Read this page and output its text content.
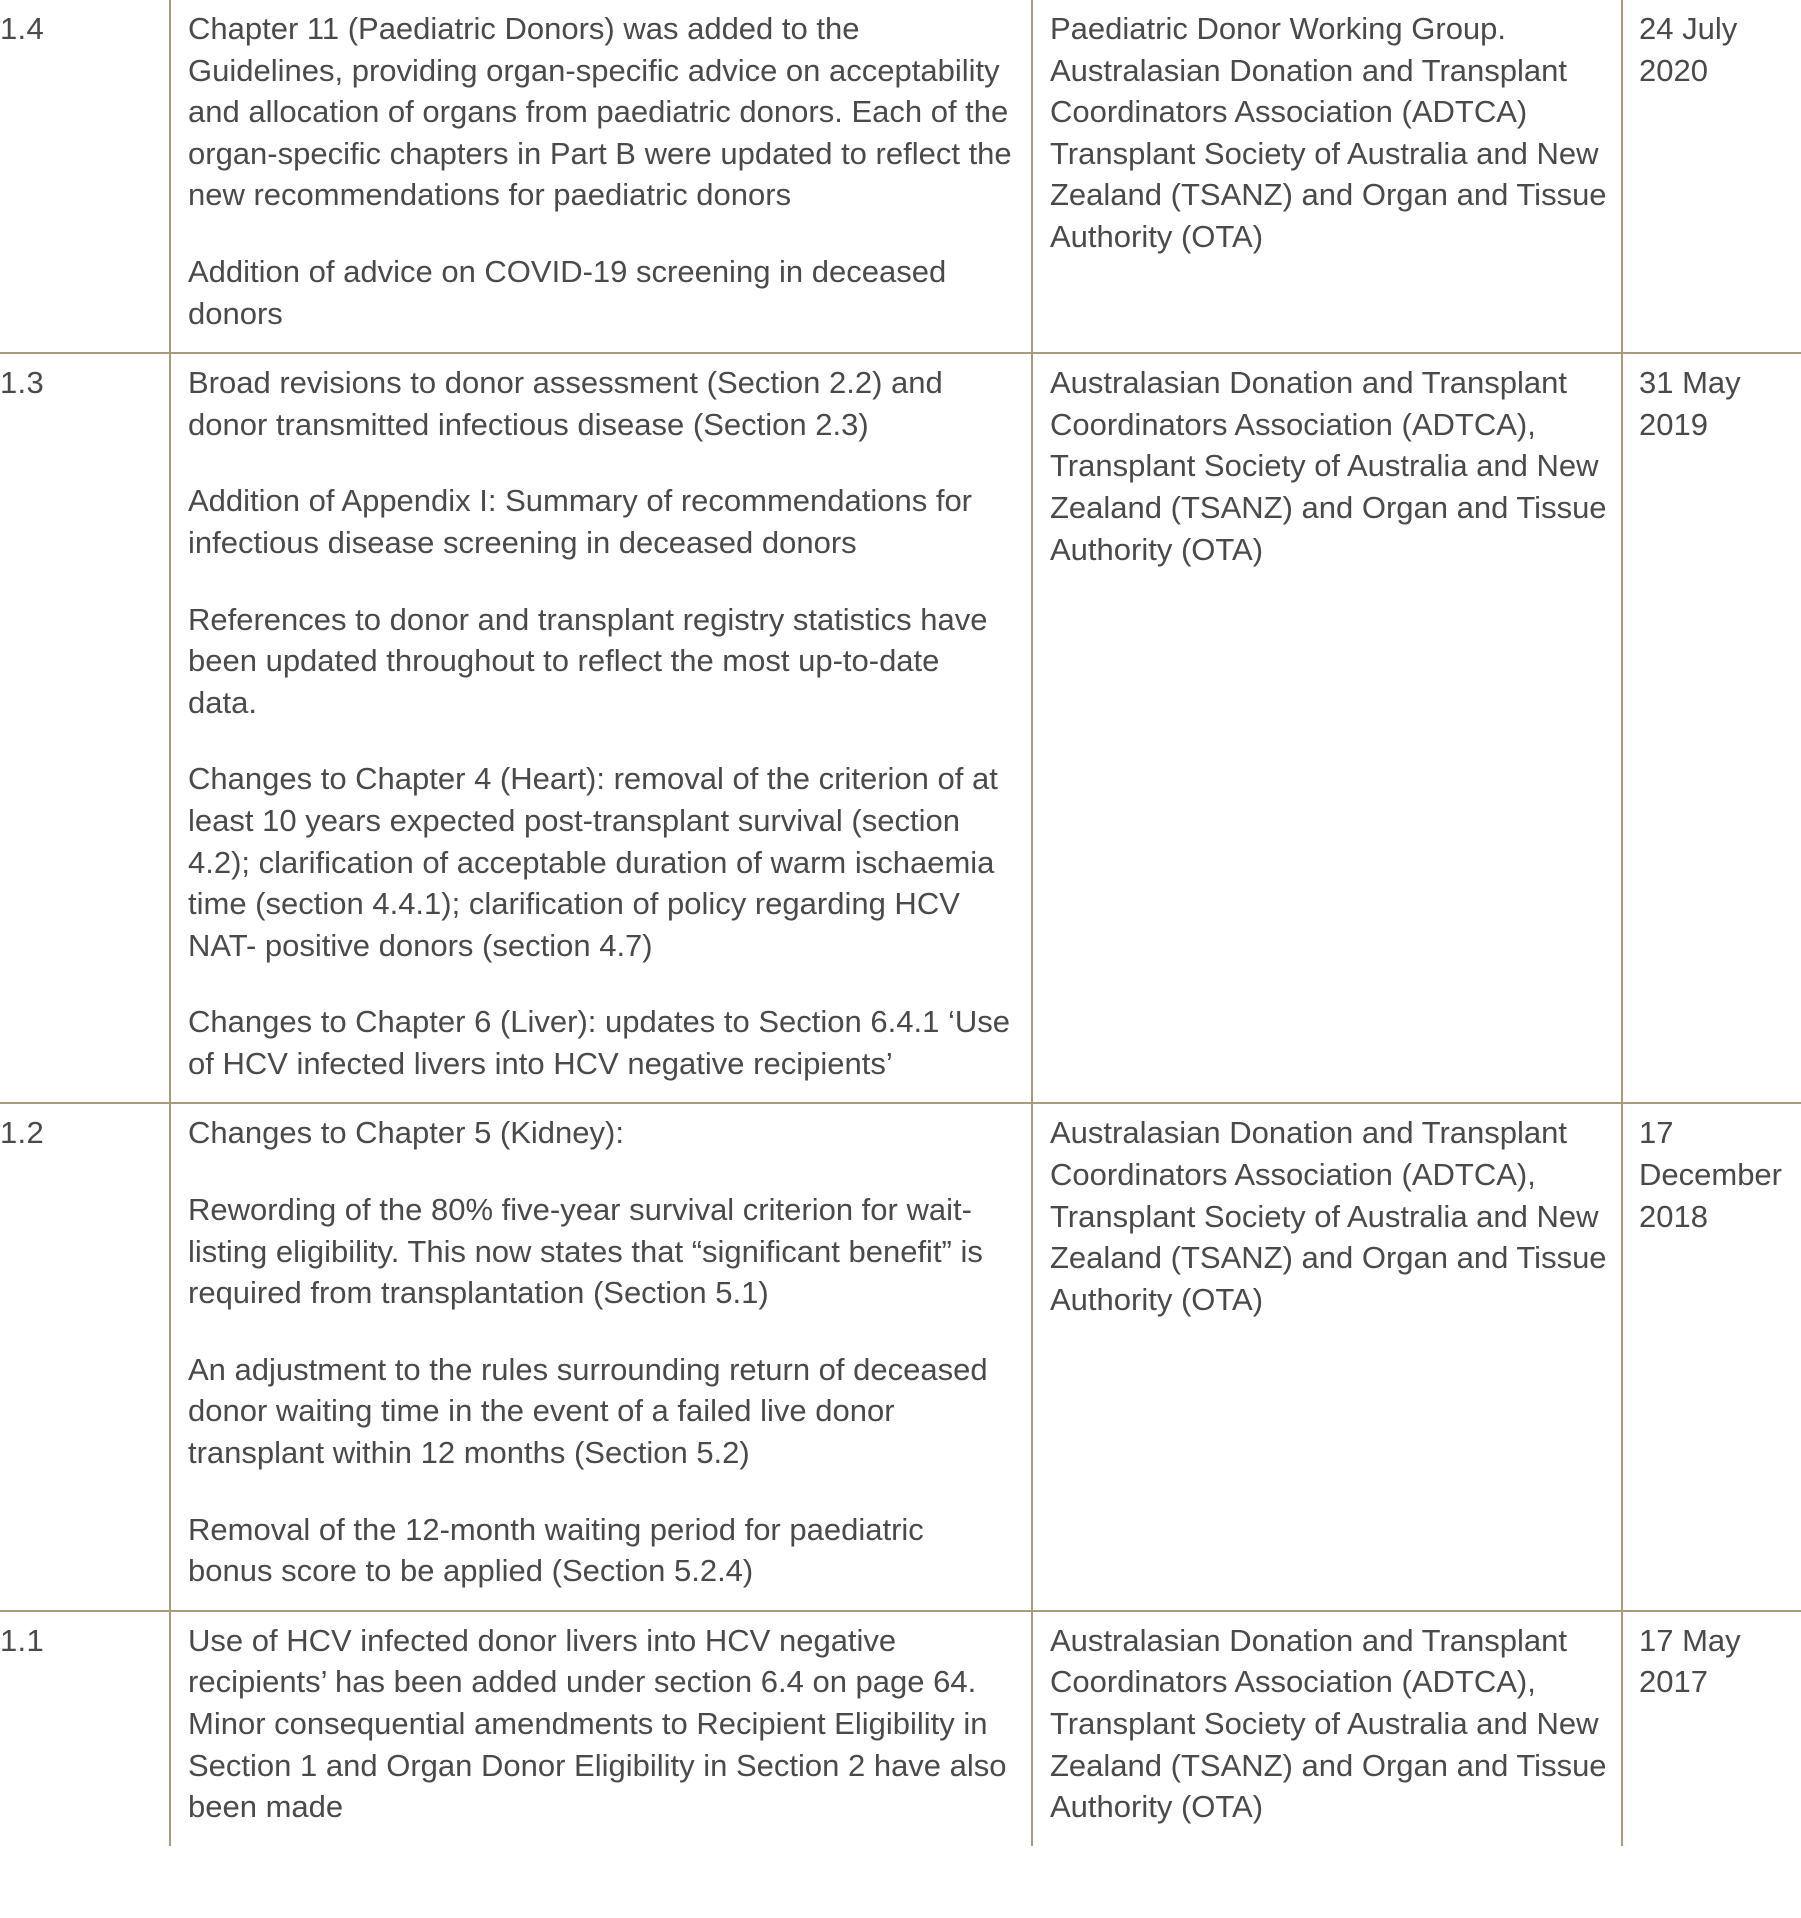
1.4	Chapter 11 (Paediatric Donors) was added to the Guidelines, providing organ-specific advice on acceptability and allocation of organs from paediatric donors. Each of the organ-specific chapters in Part B were updated to reflect the new recommendations for paediatric donors

Addition of advice on COVID-19 screening in deceased donors	Paediatric Donor Working Group. Australasian Donation and Transplant Coordinators Association (ADTCA) Transplant Society of Australia and New Zealand (TSANZ) and Organ and Tissue Authority (OTA)	24 July 2020
1.3	Broad revisions to donor assessment (Section 2.2) and donor transmitted infectious disease (Section 2.3)

Addition of Appendix I: Summary of recommendations for infectious disease screening in deceased donors

References to donor and transplant registry statistics have been updated throughout to reflect the most up-to-date data.

Changes to Chapter 4 (Heart): removal of the criterion of at least 10 years expected post-transplant survival (section 4.2); clarification of acceptable duration of warm ischaemia time (section 4.4.1); clarification of policy regarding HCV NAT- positive donors (section 4.7)

Changes to Chapter 6 (Liver): updates to Section 6.4.1 ‘Use of HCV infected livers into HCV negative recipients’	Australasian Donation and Transplant Coordinators Association (ADTCA), Transplant Society of Australia and New Zealand (TSANZ) and Organ and Tissue Authority (OTA)	31 May 2019
1.2	Changes to Chapter 5 (Kidney):

Rewording of the 80% five-year survival criterion for wait-listing eligibility. This now states that “significant benefit” is required from transplantation (Section 5.1)

An adjustment to the rules surrounding return of deceased donor waiting time in the event of a failed live donor transplant within 12 months (Section 5.2)

Removal of the 12-month waiting period for paediatric bonus score to be applied (Section 5.2.4)	Australasian Donation and Transplant Coordinators Association (ADTCA), Transplant Society of Australia and New Zealand (TSANZ) and Organ and Tissue Authority (OTA)	17 December 2018
1.1	Use of HCV infected donor livers into HCV negative recipients’ has been added under section 6.4 on page 64. Minor consequential amendments to Recipient Eligibility in Section 1 and Organ Donor Eligibility in Section 2 have also been made	Australasian Donation and Transplant Coordinators Association (ADTCA), Transplant Society of Australia and New Zealand (TSANZ) and Organ and Tissue Authority (OTA)	17 May 2017
